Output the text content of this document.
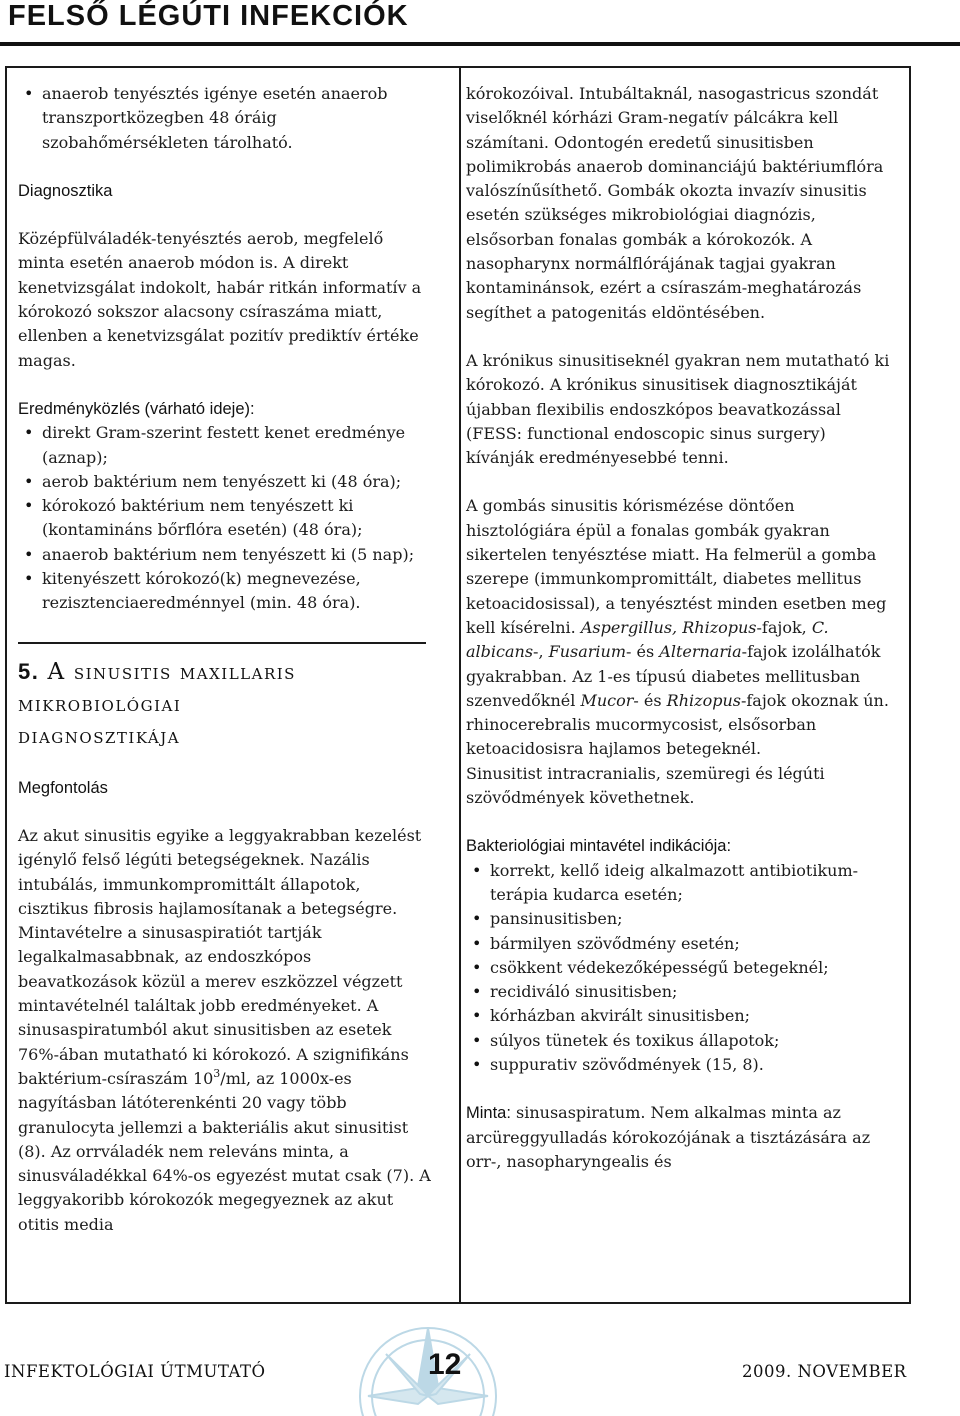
FELSŐ LÉGÚTI INFEKCIÓK
• anaerob tenyésztés igénye esetén anaerob transzportközegben 48 óráig szobahőmérsékleten tárolható.

Diagnosztika

Középfülváladék-tenyésztés aerob, megfelelő minta esetén anaerob módon is. A direkt kenetvizsgálat indokolt, habár ritkán informatív a kórokozó sokszor alacsony csíraszáma miatt, ellenben a kenetvizsgálat pozitív prediktív értéke magas.

Eredményközlés (várható ideje):

• direkt Gram-szerint festett kenet eredménye (aznap);
• aerob baktérium nem tenyészett ki (48 óra);
• kórokozó baktérium nem tenyészett ki (kontamináns bőrflóra esetén) (48 óra);
• anaerob baktérium nem tenyészett ki (5 nap);
• kitenyészett kórokozó(k) megnevezése, rezisztenciaeredménnyel (min. 48 óra).
5. A sinusitis maxillaris
mikrobiológiai
diagnosztikája

Megfontolás

Az akut sinusitis egyike a leggyakrabban kezelést igénylő felső légúti betegségeknek. Nazális intubálás, immunkompromittált állapotok, cisztikus fibrosis hajlamosítanak a betegségre. Mintavételre a sinusaspiratiót tartják legalkalmasabbnak, az endoszkópos beavatkozások közül a merev eszközzel végzett mintavételnél találtak jobb eredményeket. A sinusaspiratumból akut sinusitisben az esetek 76%-ában mutatható ki kórokozó. A szignifikáns baktérium-csíraszám $10^3/ml$, az 1000x-es nagyításban látóterenkénti 20 vagy több granulocyta jellemzi a bakteriális akut sinusitist (8). Az orrváladék nem releváns minta, a sinusváladékkal 64%-os egyezést mutat csak (7). A leggyakoribb kórokozók megegyeznek az akut otitis media

kórokozóival. Intubáltaknál, nasogastricus szondát viselőknél kórházi Gram-negatív pálcákra kell számítani. Odontogén eredetű sinusitisben polimikrobás anaerob dominanciájú baktériumflóra valószínűsíthető. Gombák okozta invazív sinusitis esetén szükséges mikrobiológiai diagnózis, elsősorban fonalas gombák a kórokozók. A nasopharynx normálflórájának tagjai gyakran kontaminánsok, ezért a csíraszám-meghatározás segíthet a patogenitás eldöntésében.

A krónikus sinusitiseknél gyakran nem mutatható ki kórokozó. A krónikus sinusitisek diagnosztikáját újabban flexibilis endoszkópos beavatkozással (FESS: functional endoscopic sinus surgery) kívánják eredményesebbé tenni.

A gombás sinusitis kórismézése döntően hisztológiára épül a fonalas gombák gyakran sikertelen tenyésztése miatt. Ha felmerül a gomba szerepe (immunkompromittált, diabetes mellitus ketoacidosissal), a tenyésztést minden esetben meg kell kísérelni. Aspergillus, Rhizopus-fajok, C. albicans-, Fusarium- és Alternaria-fajok izolálhatók gyakrabban. Az 1-es típusú diabetes mellitusban szenvedőknél Mucor- és Rhizopus-fajok okoznak ún. rhinocerebralis mucormycosist, elsősorban ketoacidosisra hajlamos betegeknél.

Sinusitist intracranialis, szemüregi és légúti szövődmények követhetnek.

Bakteriológiai mintavétel indikációja:

• korrekt, kellő ideig alkalmazott antibiotikum-terápia kudarca esetén;
• pansinusitisben;
• bármilyen szövődmény esetén;
• csökkent védekezőképességű betegeknél;
• recidiváló sinusitisben;
• kórházban akvirált sinusitisben;
• súlyos tünetek és toxikus állapotok;
• suppurativ szövődmények (15, 8).

Minta: sinusaspiratum. Nem alkalmas minta az arcüreggyulladás kórokozójának a tisztázására az orr-, nasopharyngealis és

INFEKTOLÓGIAI ÚTMUTATÓ	12	2009. NOVEMBER
